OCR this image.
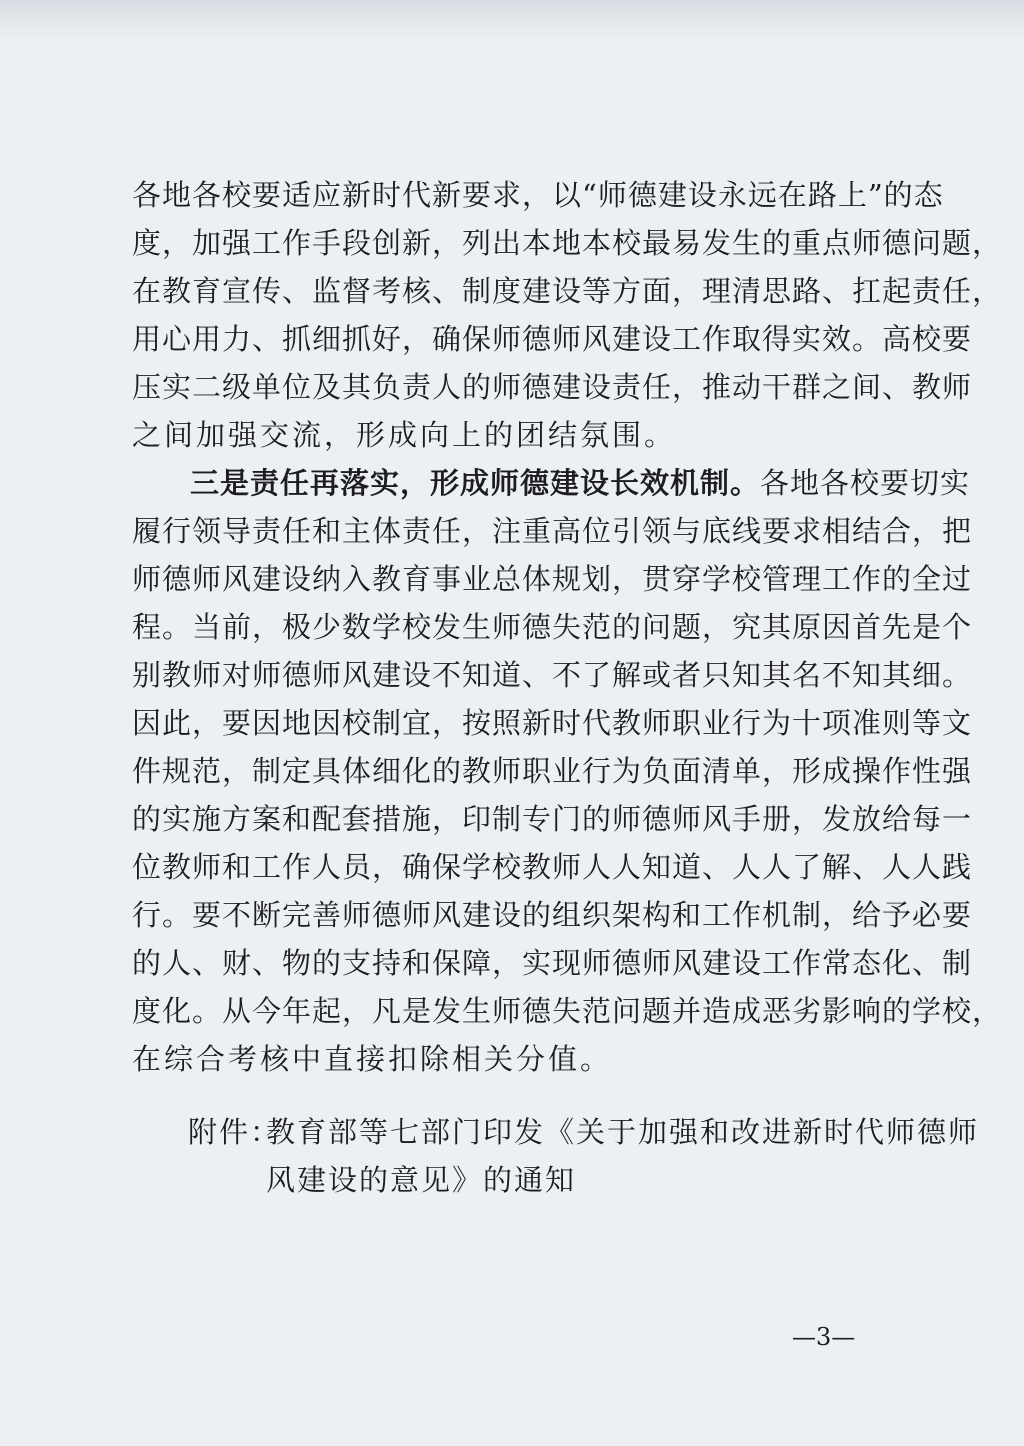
各地各校要适应新时代新要求，以“师德建设永远在路上”的态
度，加强工作手段创新，列出本地本校最易发生的重点师德问题，
在教育宣传、监督考核、制度建设等方面，理清思路、扛起责任，
用心用力、抓细抓好，确保师德师风建设工作取得实效。高校要
压实二级单位及其负责人的师德建设责任，推动干群之间、教师
之间加强交流，形成向上的团结氛围。
三是责任再落实，形成师德建设长效机制。各地各校要切实
履行领导责任和主体责任，注重高位引领与底线要求相结合，把
师德师风建设纳入教育事业总体规划，贯穿学校管理工作的全过
程。当前，极少数学校发生师德失范的问题，究其原因首先是个
别教师对师德师风建设不知道、不了解或者只知其名不知其细。
因此，要因地因校制宜，按照新时代教师职业行为十项准则等文
件规范，制定具体细化的教师职业行为负面清单，形成操作性强
的实施方案和配套措施，印制专门的师德师风手册，发放给每一
位教师和工作人员，确保学校教师人人知道、人人了解、人人践
行。要不断完善师德师风建设的组织架构和工作机制，给予必要
的人、财、物的支持和保障，实现师德师风建设工作常态化、制
度化。从今年起，凡是发生师德失范问题并造成恶劣影响的学校，
在综合考核中直接扣除相关分值。
附件：
教育部等七部门印发《关于加强和改进新时代师德师
风建设的意见》的通知
—3—
